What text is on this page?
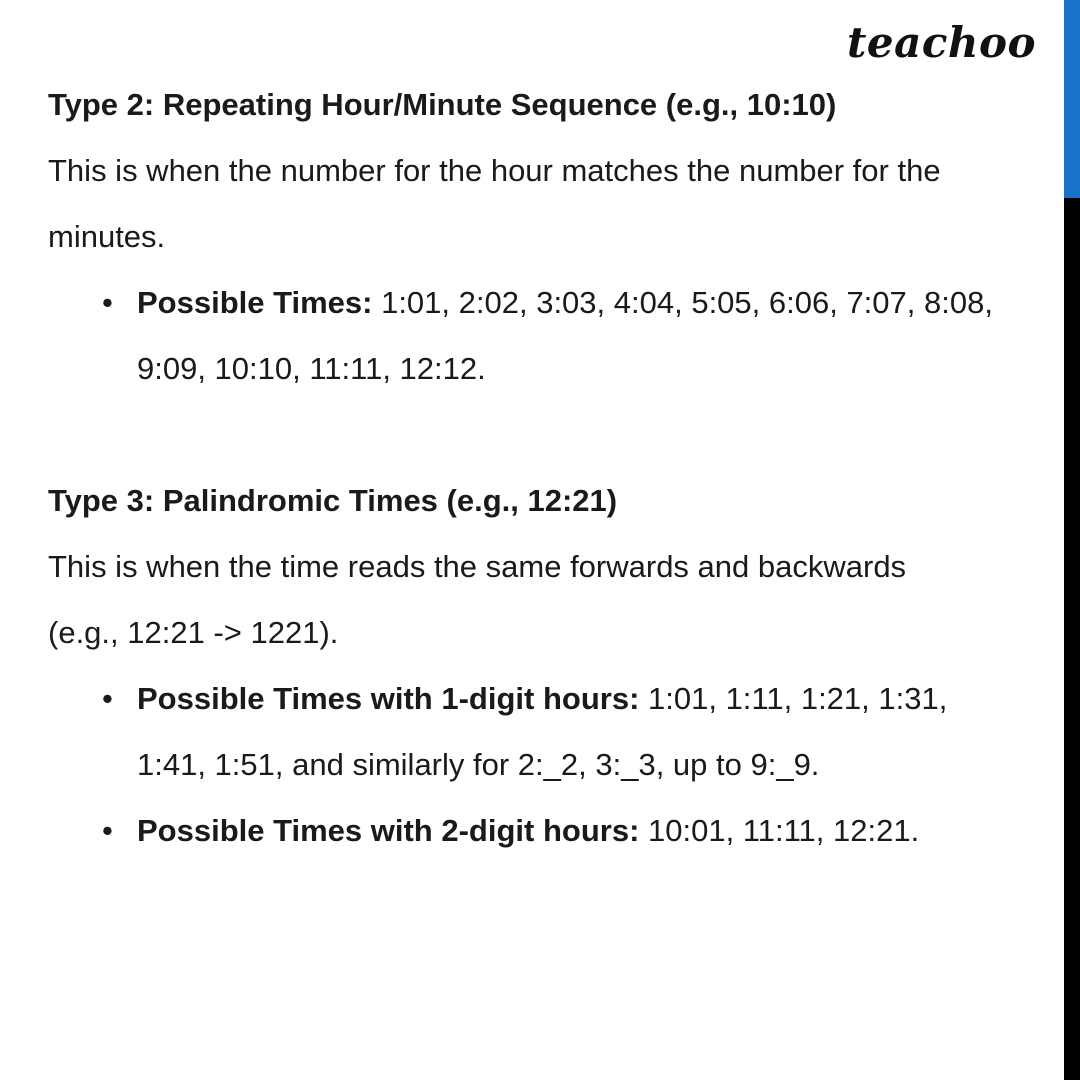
teachoo

Type 2: Repeating Hour/Minute Sequence (e.g., 10:10)

This is when the number for the hour matches the number for the

minutes.

• Possible Times: 1:01, 2:02, 3:03, 4:04, 5:05, 6:06, 7:07, 8:08,

9:09, 10:10, 11:11, 12:12.

Type 3: Palindromic Times (e.g., 12:21)

This is when the time reads the same forwards and backwards

(e.g., 12:21 -> 1221).

• Possible Times with 1-digit hours: 1:01, 1:11, 1:21, 1:31,

1:41, 1:51, and similarly for 2:_2, 3:_3, up to 9:_9.

• Possible Times with 2-digit hours: 10:01, 11:11, 12:21.
